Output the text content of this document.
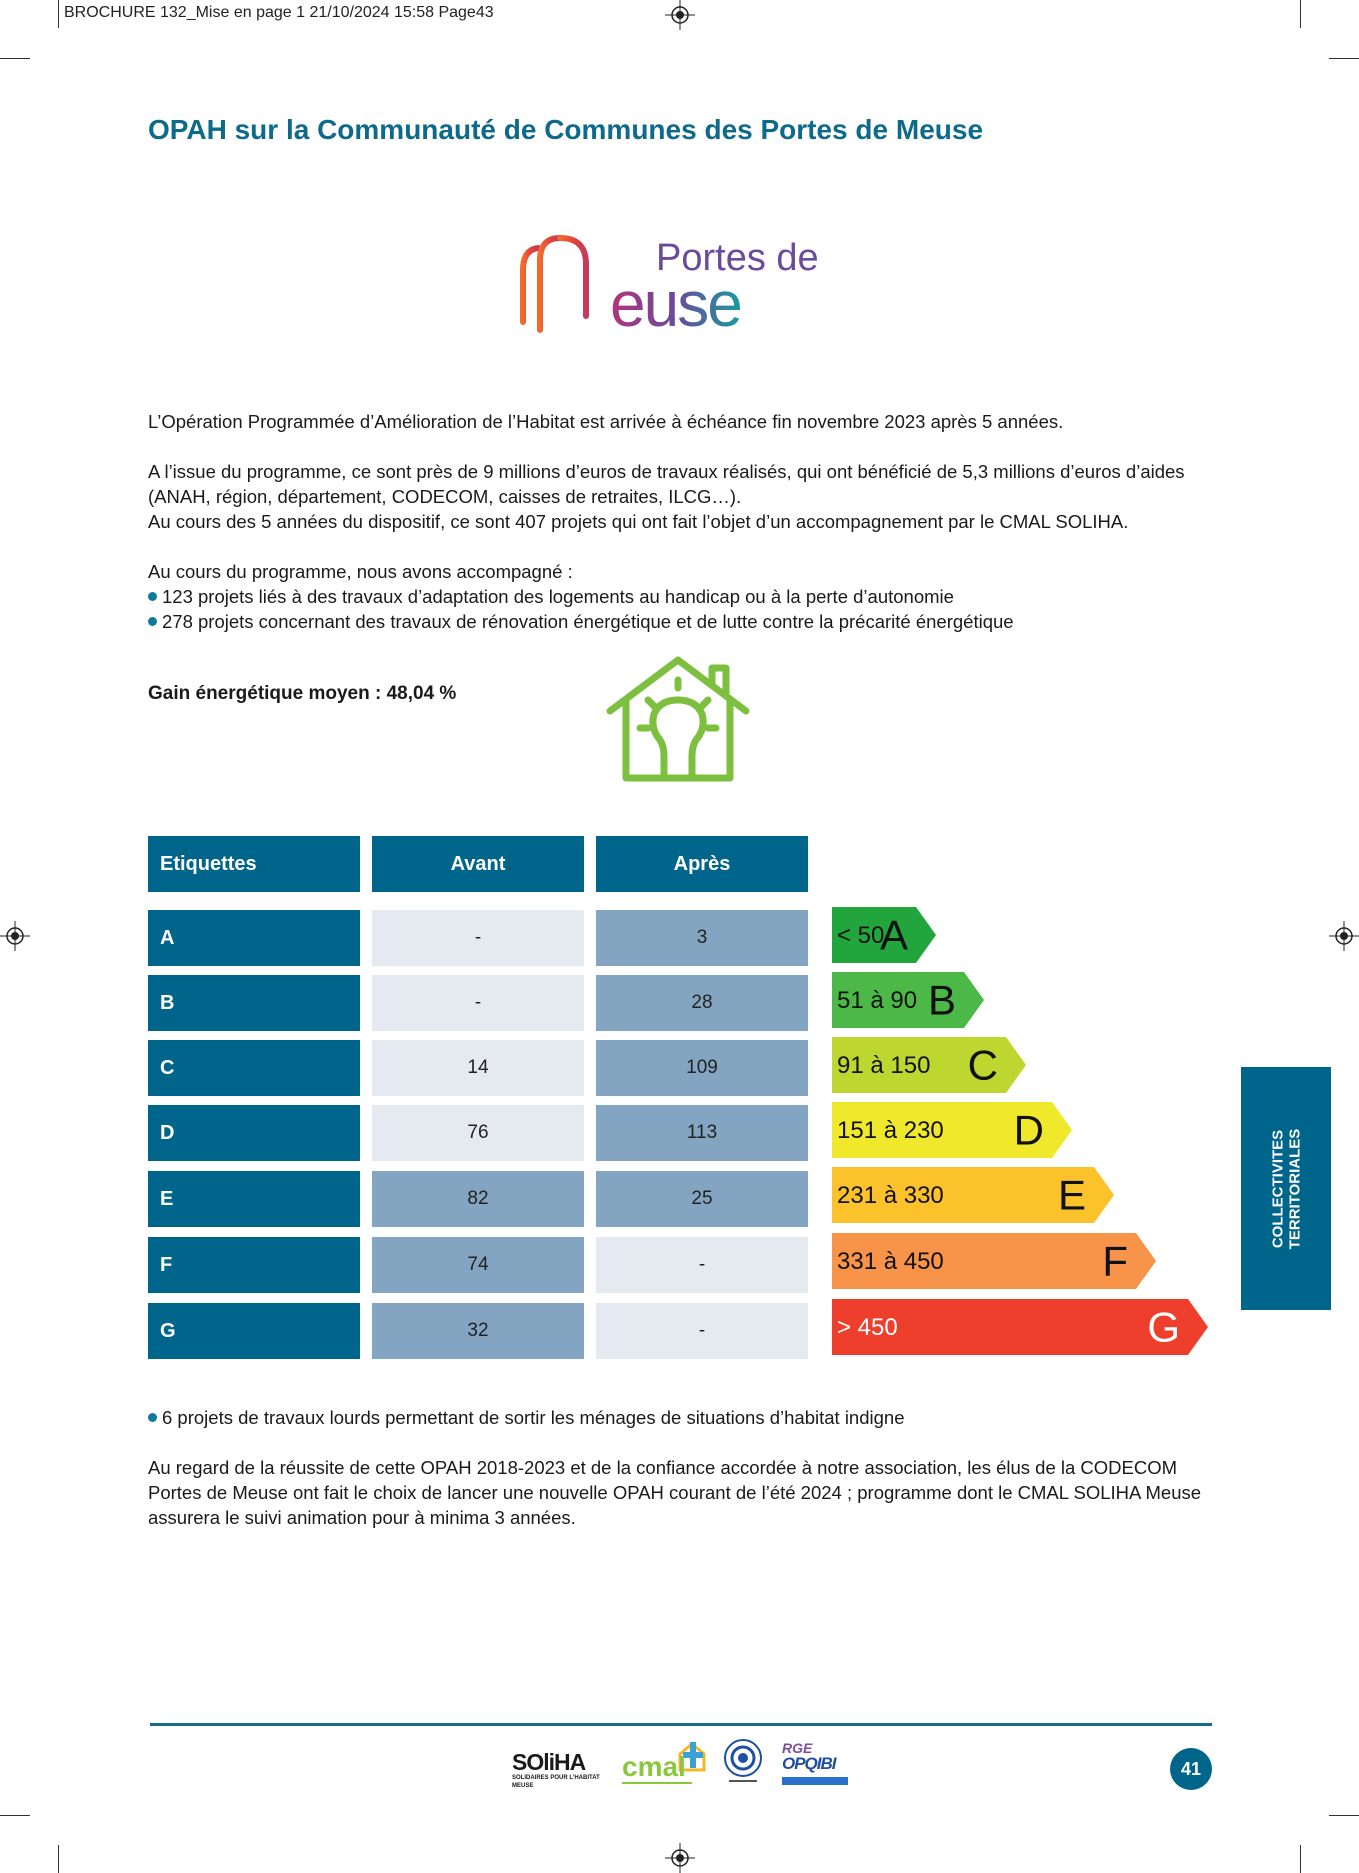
BROCHURE 132_Mise en page 1 21/10/2024 15:58 Page43
OPAH sur la Communauté de Communes des Portes de Meuse
Portes de
euse
L’Opération Programmée d’Amélioration de l’Habitat est arrivée à échéance fin novembre 2023 après 5 années.
A l’issue du programme, ce sont près de 9 millions d’euros de travaux réalisés, qui ont bénéficié de 5,3 millions d’euros d’aides (ANAH, région, département, CODECOM, caisses de retraites, ILCG…).
Au cours des 5 années du dispositif, ce sont 407 projets qui ont fait l’objet d’un accompagnement par le CMAL SOLIHA.
Au cours du programme, nous avons accompagné :
123 projets liés à des travaux d’adaptation des logements au handicap ou à la perte d’autonomie
278 projets concernant des travaux de rénovation énergétique et de lutte contre la précarité énergétique
Gain énergétique moyen : 48,04 %
Etiquettes	Avant	Après
A	-	3
B	-	28
C	14	109
D	76	113
E	82	25
F	74	-
G	32	-
< 50
A
51 à 90 B
91 à 150 C
151 à 230 D
231 à 330	E
331 à 450	F
> 450	G
6 projets de travaux lourds permettant de sortir les ménages de situations d’habitat indigne
Au regard de la réussite de cette OPAH 2018-2023 et de la confiance accordée à notre association, les élus de la CODECOM Portes de Meuse ont fait le choix de lancer une nouvelle OPAH courant de l’été 2024 ; programme dont le CMAL SOLIHA Meuse assurera le suivi animation pour à minima 3 années.
COLLECTIVITES TERRITORIALES
SOliHA
SOLIDAIRES POUR L’HABITAT
MEUSE
cmal
RGE
OPQIBI	41
